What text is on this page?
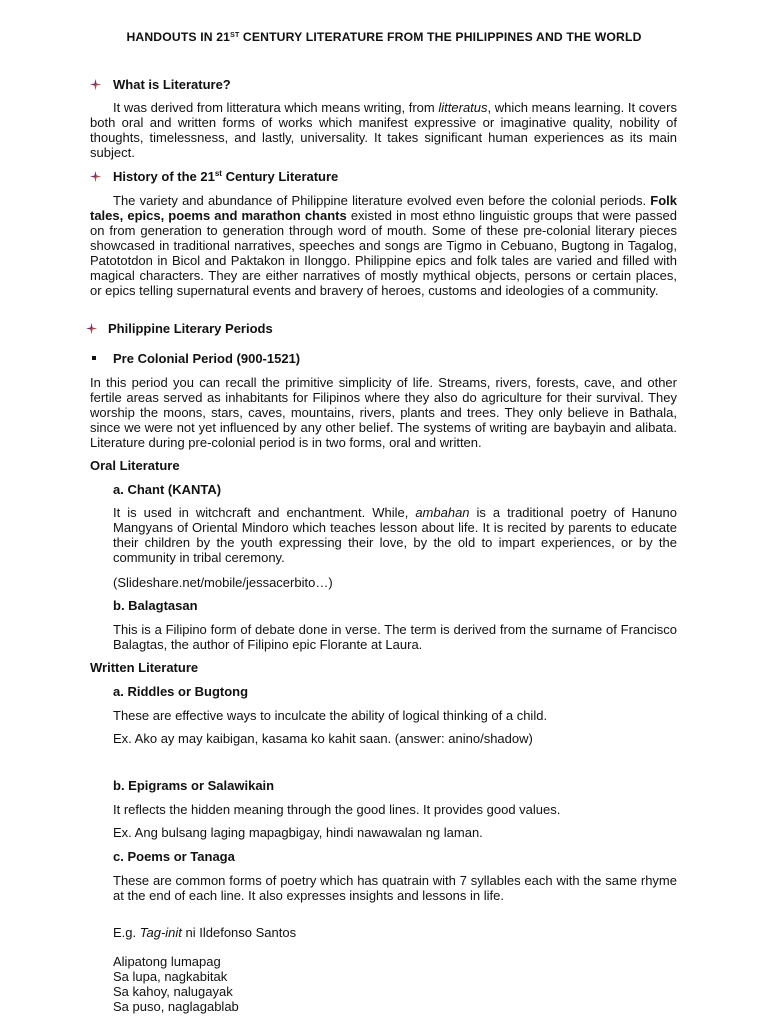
HANDOUTS IN 21ST CENTURY LITERATURE FROM THE PHILIPPINES AND THE WORLD
What is Literature?
It was derived from litteratura which means writing, from litteratus, which means learning. It covers both oral and written forms of works which manifest expressive or imaginative quality, nobility of thoughts, timelessness, and lastly, universality. It takes significant human experiences as its main subject.
History of the 21st Century Literature
The variety and abundance of Philippine literature evolved even before the colonial periods. Folk tales, epics, poems and marathon chants existed in most ethno linguistic groups that were passed on from generation to generation through word of mouth. Some of these pre-colonial literary pieces showcased in traditional narratives, speeches and songs are Tigmo in Cebuano, Bugtong in Tagalog, Patototdon in Bicol and Paktakon in Ilonggo. Philippine epics and folk tales are varied and filled with magical characters. They are either narratives of mostly mythical objects, persons or certain places, or epics telling supernatural events and bravery of heroes, customs and ideologies of a community.
Philippine Literary Periods
Pre Colonial Period (900-1521)
In this period you can recall the primitive simplicity of life. Streams, rivers, forests, cave, and other fertile areas served as inhabitants for Filipinos where they also do agriculture for their survival. They worship the moons, stars, caves, mountains, rivers, plants and trees. They only believe in Bathala, since we were not yet influenced by any other belief. The systems of writing are baybayin and alibata. Literature during pre-colonial period is in two forms, oral and written.
Oral Literature
a. Chant (KANTA)
It is used in witchcraft and enchantment. While, ambahan is a traditional poetry of Hanuno Mangyans of Oriental Mindoro which teaches lesson about life. It is recited by parents to educate their children by the youth expressing their love, by the old to impart experiences, or by the community in tribal ceremony.
(Slideshare.net/mobile/jessacerbito…)
b. Balagtasan
This is a Filipino form of debate done in verse. The term is derived from the surname of Francisco Balagtas, the author of Filipino epic Florante at Laura.
Written Literature
a. Riddles or Bugtong
These are effective ways to inculcate the ability of logical thinking of a child.
Ex. Ako ay may kaibigan, kasama ko kahit saan. (answer: anino/shadow)
b. Epigrams or Salawikain
It reflects the hidden meaning through the good lines. It provides good values.
Ex. Ang bulsang laging mapagbigay, hindi nawawalan ng laman.
c. Poems or Tanaga
These are common forms of poetry which has quatrain with 7 syllables each with the same rhyme at the end of each line. It also expresses insights and lessons in life.
E.g. Tag-init ni Ildefonso Santos
Alipatong lumapag
Sa lupa, nagkabitak
Sa kahoy, nalugayak
Sa puso, naglagablab
